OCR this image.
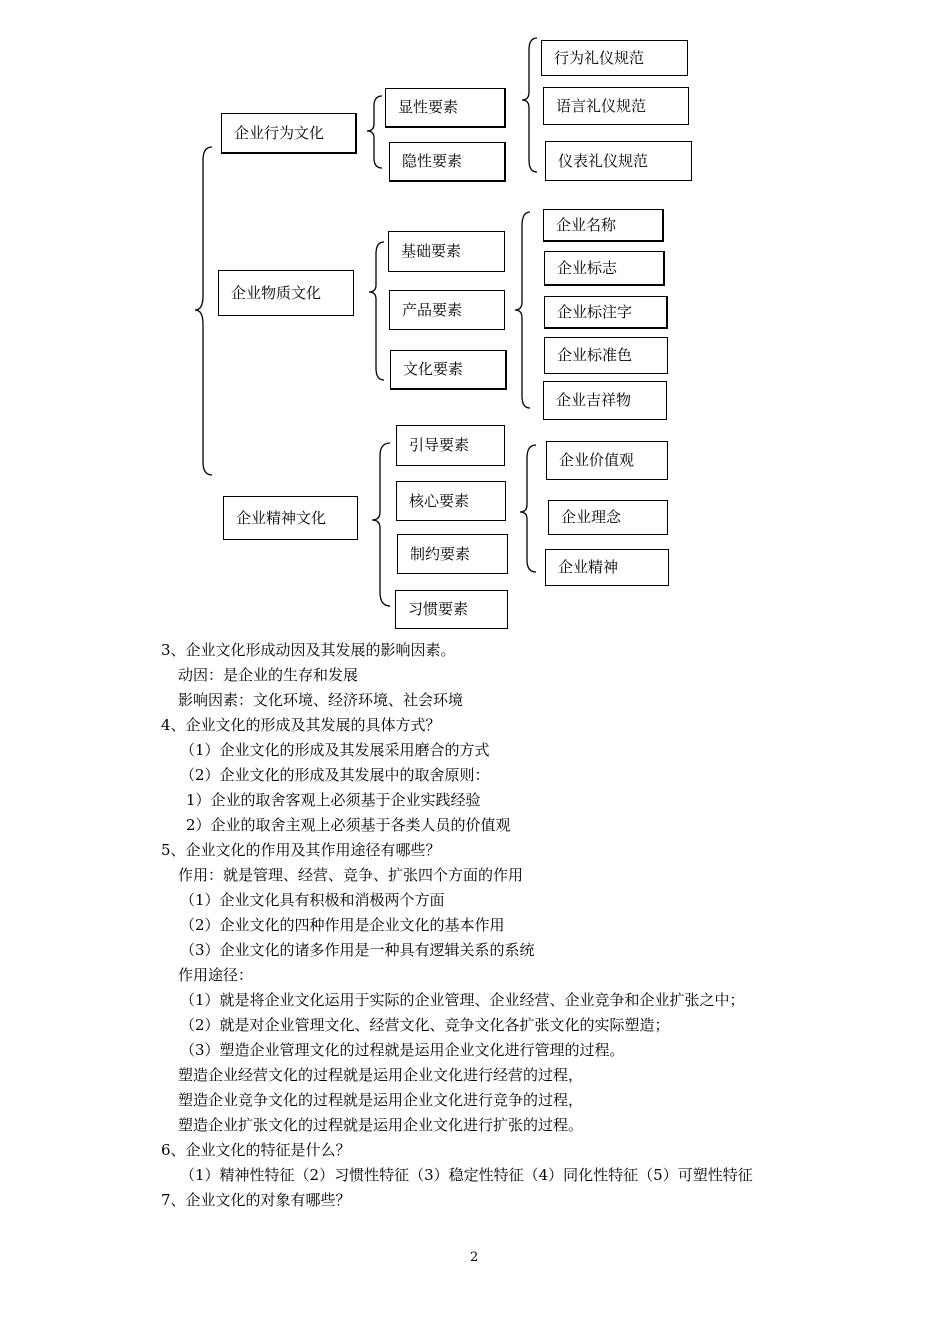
企业行为文化
显性要素
隐性要素
行为礼仪规范
语言礼仪规范
仪表礼仪规范
企业物质文化
基础要素
产品要素
文化要素
企业名称
企业标志
企业标注字
企业标准色
企业吉祥物
企业精神文化
引导要素
核心要素
制约要素
习惯要素
企业价值观
企业理念
企业精神
3、企业文化形成动因及其发展的影响因素。
动因：是企业的生存和发展
影响因素：文化环境、经济环境、社会环境
4、企业文化的形成及其发展的具体方式？
（1）企业文化的形成及其发展采用磨合的方式
（2）企业文化的形成及其发展中的取舍原则：
1）企业的取舍客观上必须基于企业实践经验
2）企业的取舍主观上必须基于各类人员的价值观
5、企业文化的作用及其作用途径有哪些？
作用：就是管理、经营、竞争、扩张四个方面的作用
（1）企业文化具有积极和消极两个方面
（2）企业文化的四种作用是企业文化的基本作用
（3）企业文化的诸多作用是一种具有逻辑关系的系统
作用途径：
（1）就是将企业文化运用于实际的企业管理、企业经营、企业竞争和企业扩张之中；
（2）就是对企业管理文化、经营文化、竞争文化各扩张文化的实际塑造；
（3）塑造企业管理文化的过程就是运用企业文化进行管理的过程。
塑造企业经营文化的过程就是运用企业文化进行经营的过程，
塑造企业竞争文化的过程就是运用企业文化进行竞争的过程，
塑造企业扩张文化的过程就是运用企业文化进行扩张的过程。
6、企业文化的特征是什么？
（1）精神性特征（2）习惯性特征（3）稳定性特征（4）同化性特征（5）可塑性特征
7、企业文化的对象有哪些？
2
